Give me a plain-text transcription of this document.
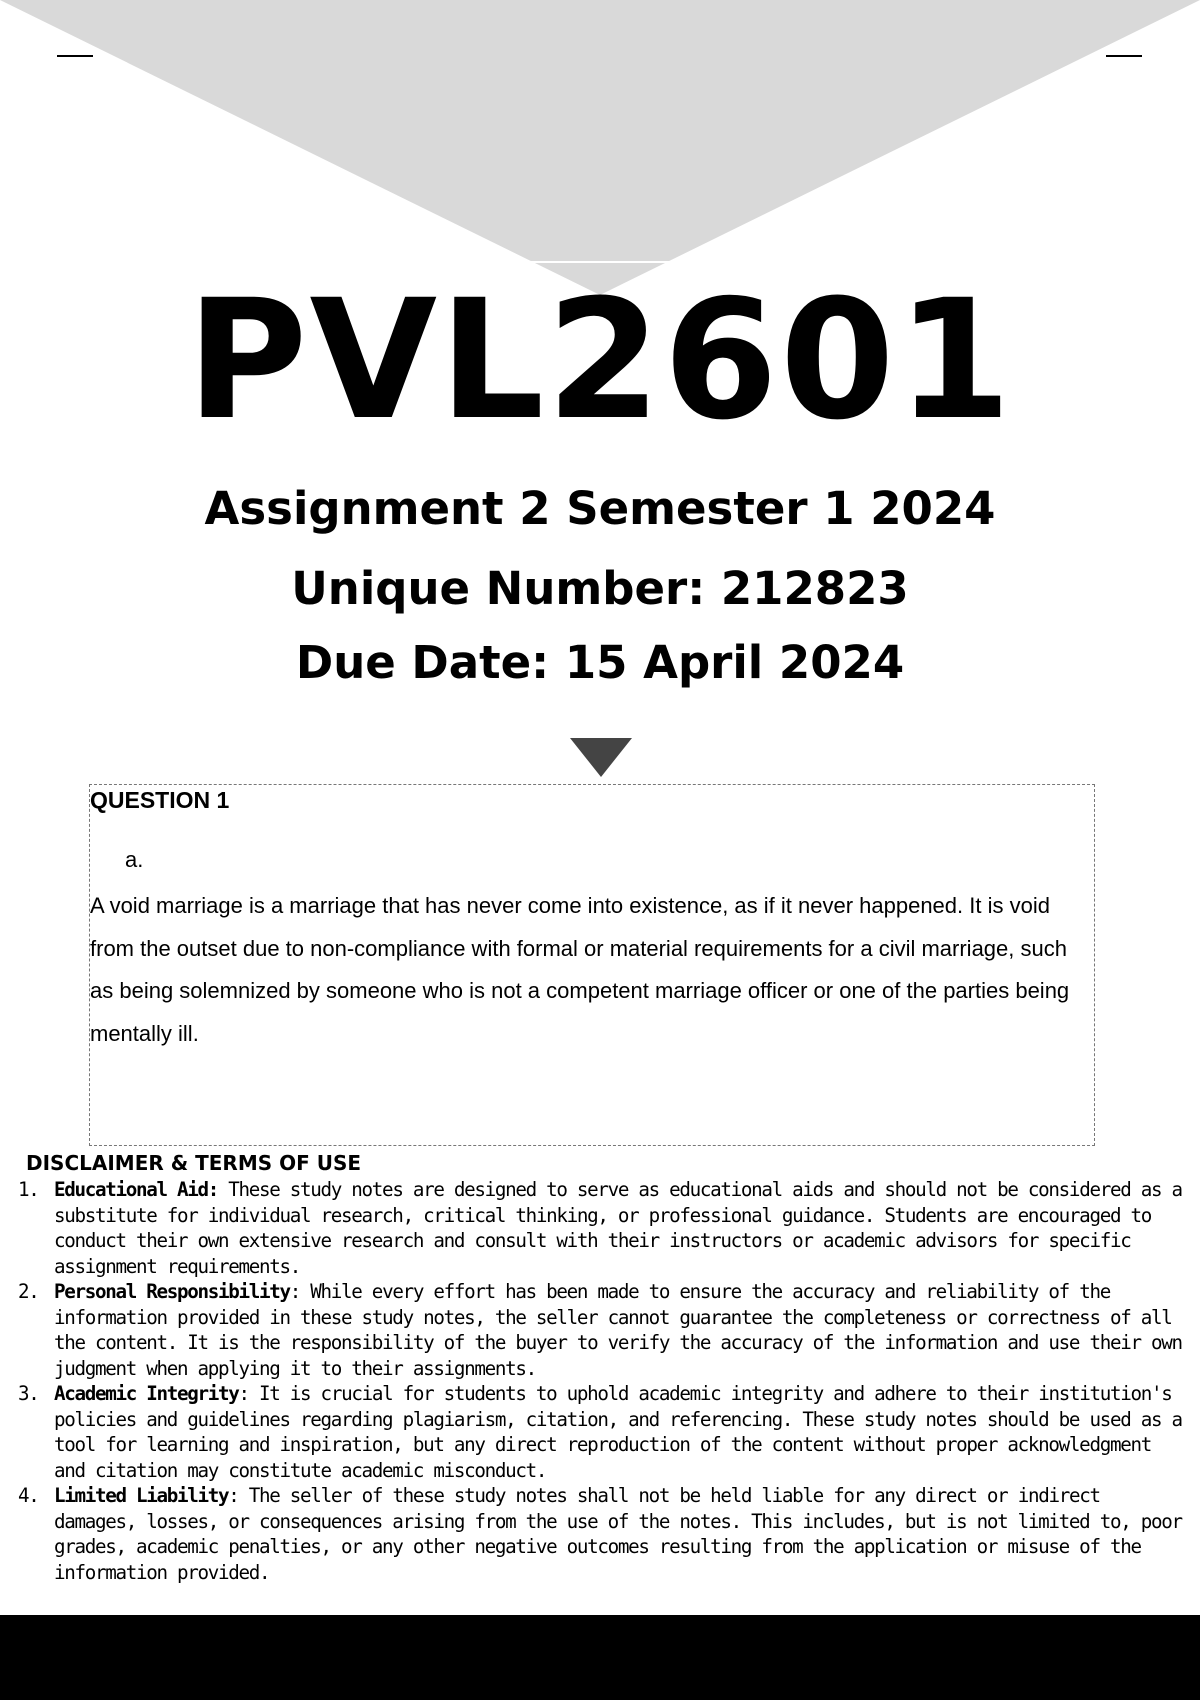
PVL2601
Assignment 2 Semester 1 2024
Unique Number: 212823
Due Date: 15 April 2024
QUESTION 1
a.
A void marriage is a marriage that has never come into existence, as if it never happened. It is void from the outset due to non-compliance with formal or material requirements for a civil marriage, such as being solemnized by someone who is not a competent marriage officer or one of the parties being mentally ill.
DISCLAIMER & TERMS OF USE
1. Educational Aid: These study notes are designed to serve as educational aids and should not be considered as a substitute for individual research, critical thinking, or professional guidance. Students are encouraged to conduct their own extensive research and consult with their instructors or academic advisors for specific assignment requirements.
2. Personal Responsibility: While every effort has been made to ensure the accuracy and reliability of the information provided in these study notes, the seller cannot guarantee the completeness or correctness of all the content. It is the responsibility of the buyer to verify the accuracy of the information and use their own judgment when applying it to their assignments.
3. Academic Integrity: It is crucial for students to uphold academic integrity and adhere to their institution's policies and guidelines regarding plagiarism, citation, and referencing. These study notes should be used as a tool for learning and inspiration, but any direct reproduction of the content without proper acknowledgment and citation may constitute academic misconduct.
4. Limited Liability: The seller of these study notes shall not be held liable for any direct or indirect damages, losses, or consequences arising from the use of the notes. This includes, but is not limited to, poor grades, academic penalties, or any other negative outcomes resulting from the application or misuse of the information provided.
